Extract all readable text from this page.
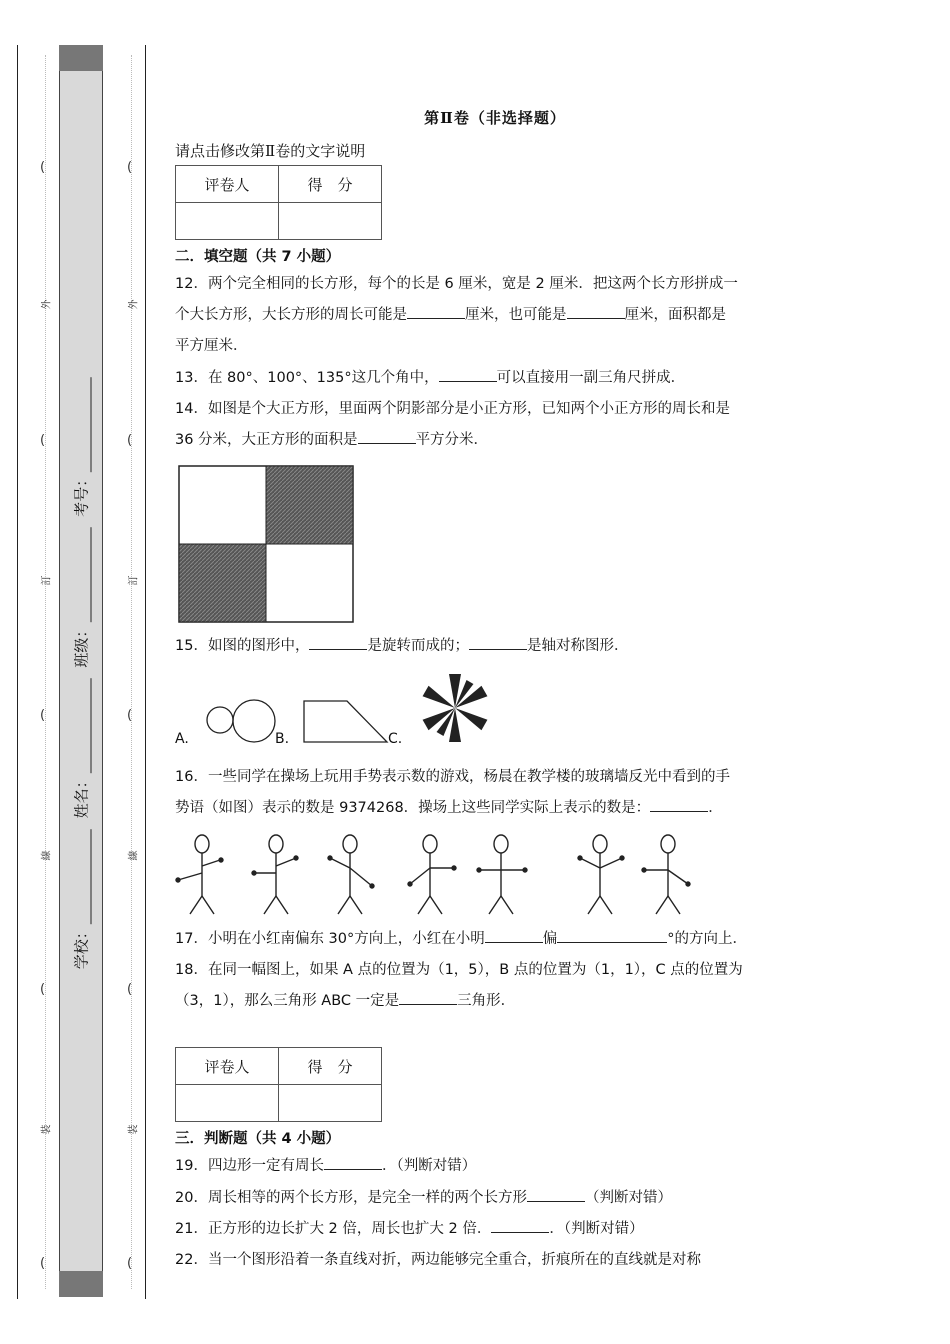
(
(
(
(
(
(
(
(
(
(
外
訂
線
裝
外
訂
線
裝
学校： 姓名： 班级： 考号：
第Ⅱ卷（非选择题）
请点击修改第Ⅱ卷的文字说明
评卷人	得　分

二．填空题（共 7 小题）
12．两个完全相同的长方形，每个的长是 6 厘米，宽是 2 厘米．把这两个长方形拼成一
个大长方形，大长方形的周长可能是	厘米，也可能是	厘米，面积都是
平方厘米．
13．在 80°、100°、135°这几个角中，	可以直接用一副三角尺拼成．
14．如图是个大正方形，里面两个阴影部分是小正方形，已知两个小正方形的周长和是
36 分米，大正方形的面积是	平方分米．
15．如图的图形中，	是旋转而成的；	是轴对称图形．
A.	B.	C.
16．一些同学在操场上玩用手势表示数的游戏，杨晨在教学楼的玻璃墙反光中看到的手
势语（如图）表示的数是 9374268．操场上这些同学实际上表示的数是：	．
17．小明在小红南偏东 30°方向上，小红在小明	偏	°的方向上．
18．在同一幅图上，如果 A 点的位置为（1，5），B 点的位置为（1，1），C 点的位置为
（3，1），那么三角形 ABC 一定是	三角形．
评卷人	得　分

三．判断题（共 4 小题）
19．四边形一定有周长	．（判断对错）
20．周长相等的两个长方形，是完全一样的两个长方形	（判断对错）
21．正方形的边长扩大 2 倍，周长也扩大 2 倍．	．（判断对错）
22．当一个图形沿着一条直线对折，两边能够完全重合，折痕所在的直线就是对称
